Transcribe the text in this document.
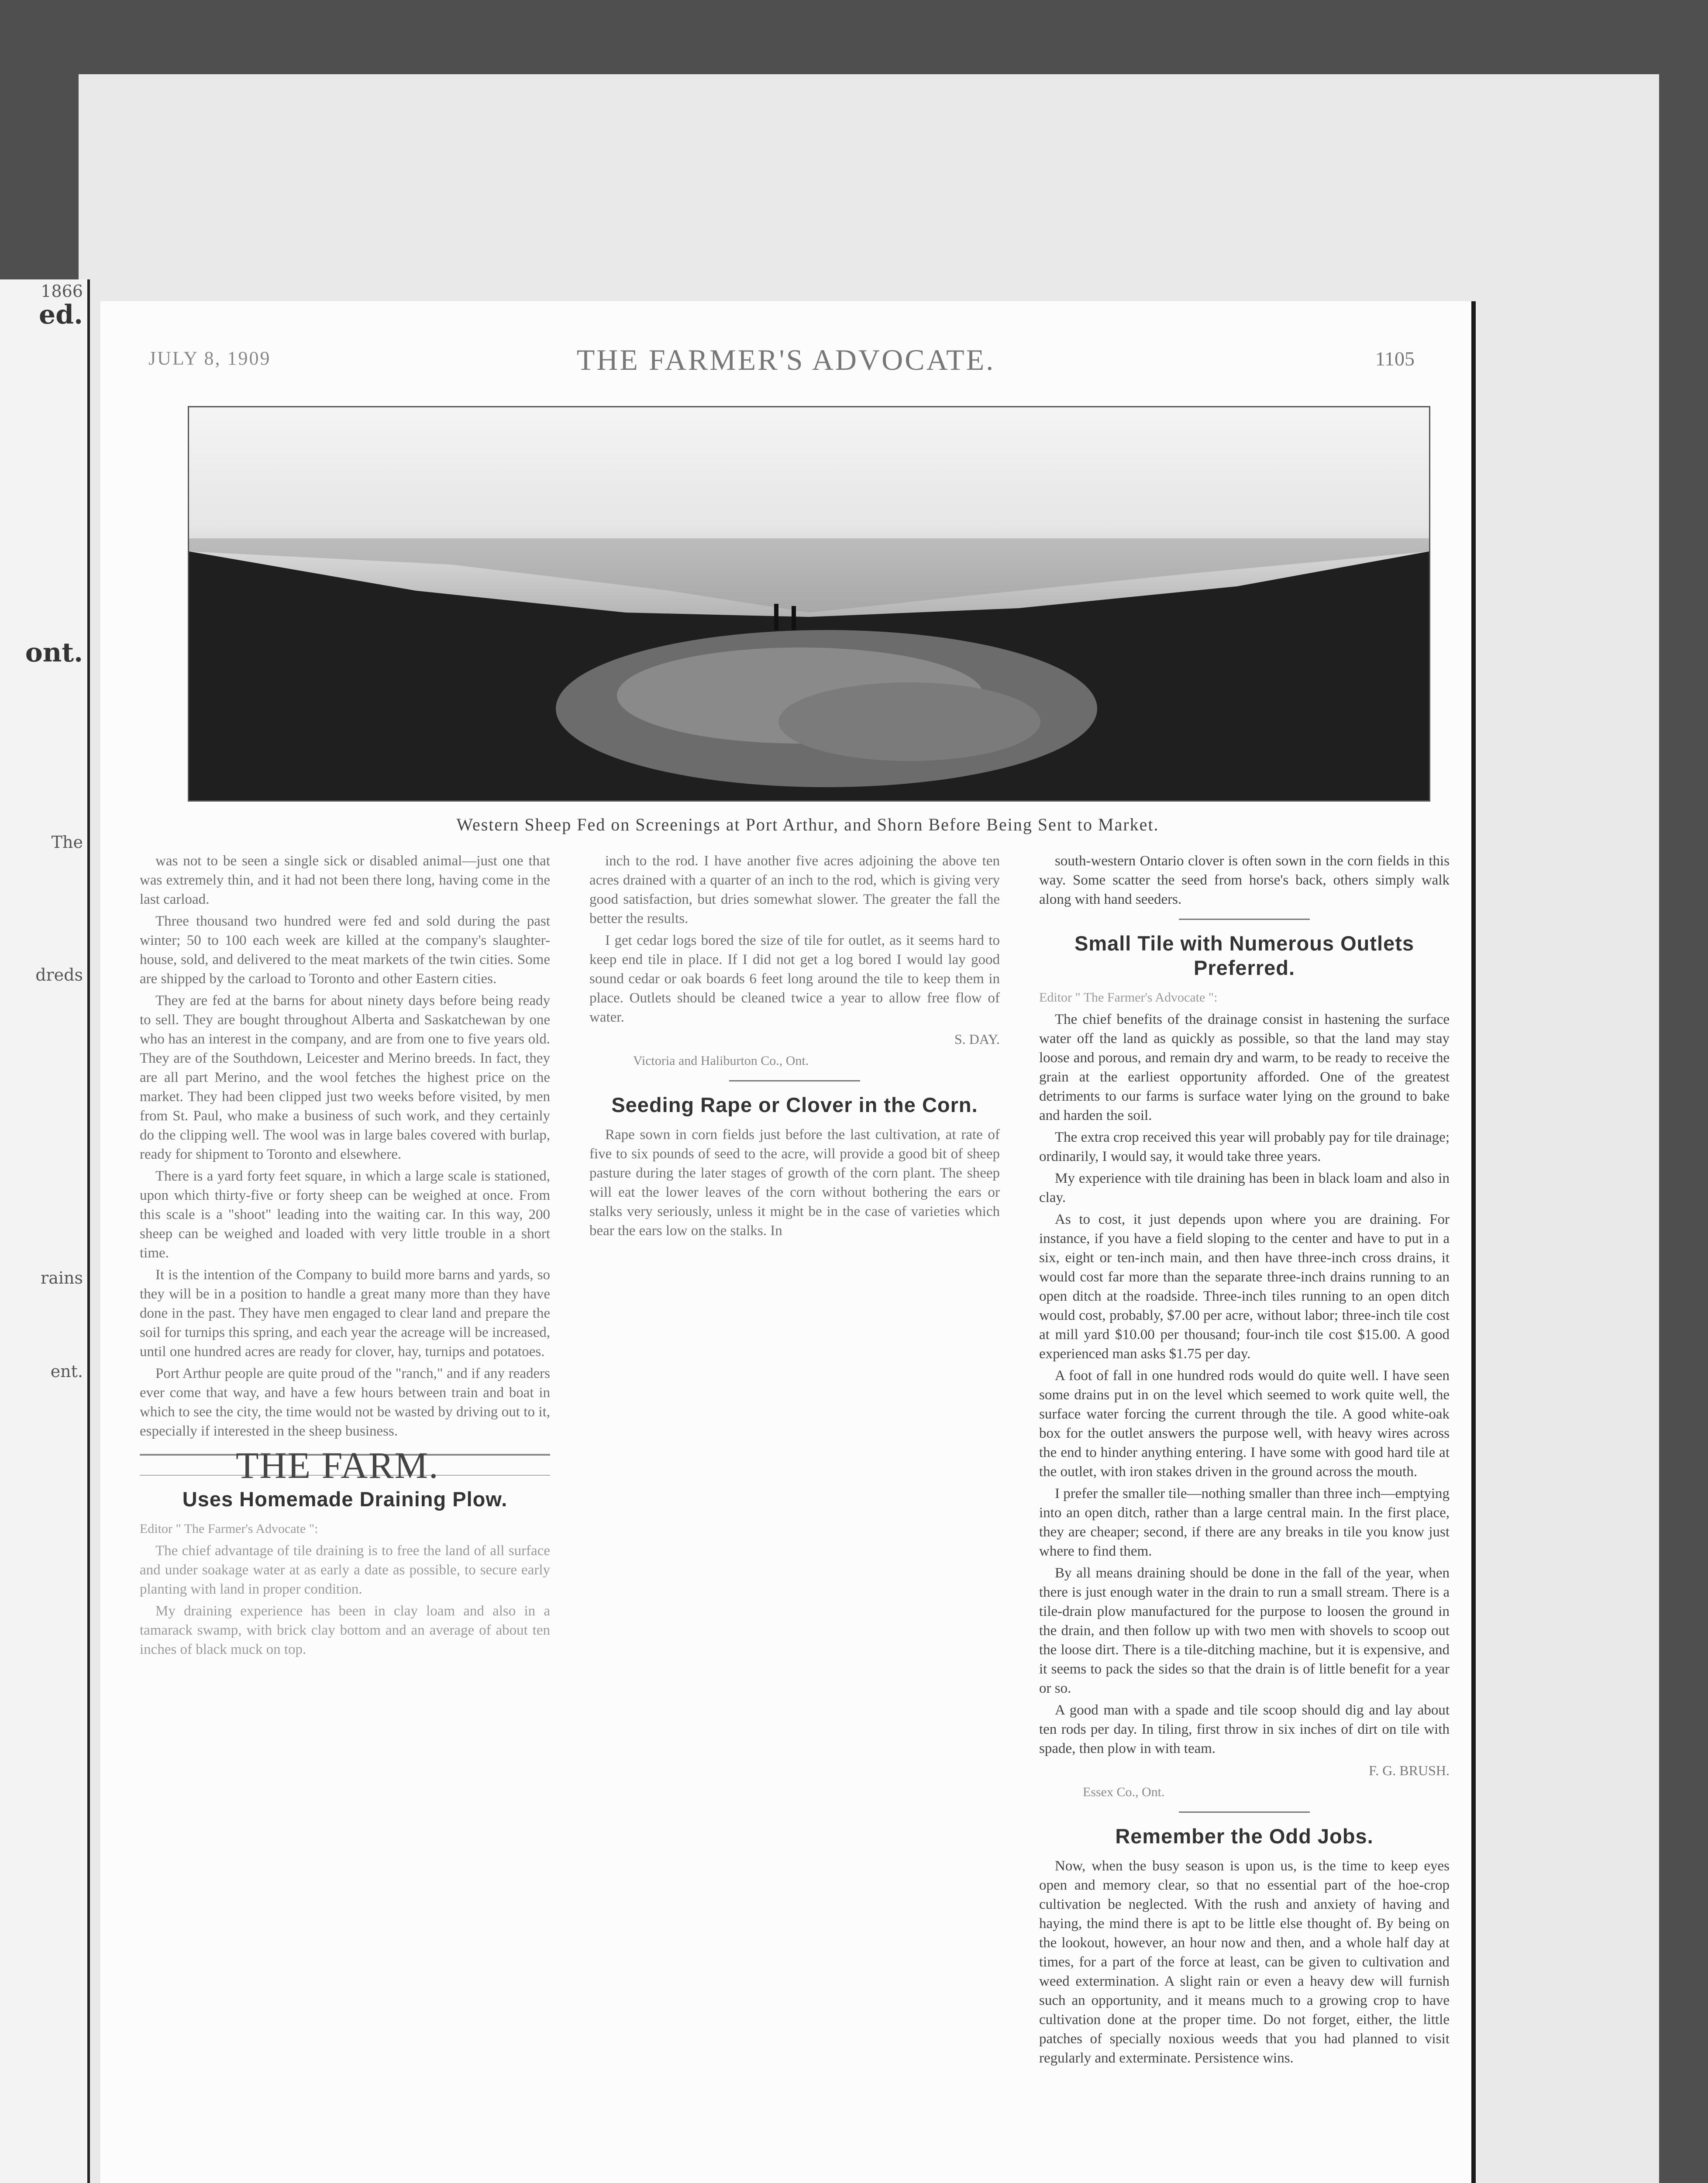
1866
ed.
ont.
The
dreds
rains
ent.
JULY 8, 1909	THE FARMER'S ADVOCATE.	1105
Western Sheep Fed on Screenings at Port Arthur, and Shorn Before Being Sent to Market.

was not to be seen a single sick or disabled animal—just one that was extremely thin, and it had not been there long, having come in the last carload.

Three thousand two hundred were fed and sold during the past winter; 50 to 100 each week are killed at the company's slaughter-house, sold, and delivered to the meat markets of the twin cities. Some are shipped by the carload to Toronto and other Eastern cities.

They are fed at the barns for about ninety days before being ready to sell. They are bought throughout Alberta and Saskatchewan by one who has an interest in the company, and are from one to five years old. They are of the Southdown, Leicester and Merino breeds. In fact, they are all part Merino, and the wool fetches the highest price on the market. They had been clipped just two weeks before visited, by men from St. Paul, who make a business of such work, and they certainly do the clipping well. The wool was in large bales covered with burlap, ready for shipment to Toronto and elsewhere.

There is a yard forty feet square, in which a large scale is stationed, upon which thirty-five or forty sheep can be weighed at once. From this scale is a "shoot" leading into the waiting car. In this way, 200 sheep can be weighed and loaded with very little trouble in a short time.

It is the intention of the Company to build more barns and yards, so they will be in a position to handle a great many more than they have done in the past. They have men engaged to clear land and prepare the soil for turnips this spring, and each year the acreage will be increased, until one hundred acres are ready for clover, hay, turnips and potatoes.

Port Arthur people are quite proud of the "ranch," and if any readers ever come that way, and have a few hours between train and boat in which to see the city, the time would not be wasted by driving out to it, especially if interested in the sheep business.

THE FARM.
Uses Homemade Draining Plow.

Editor " The Farmer's Advocate ":

The chief advantage of tile draining is to free the land of all surface and under soakage water at as early a date as possible, to secure early planting with land in proper condition.

My draining experience has been in clay loam and also in a tamarack swamp, with brick clay bottom and an average of about ten inches of black muck on top.

inch to the rod. I have another five acres adjoining the above ten acres drained with a quarter of an inch to the rod, which is giving very good satisfaction, but dries somewhat slower. The greater the fall the better the results.

I get cedar logs bored the size of tile for outlet, as it seems hard to keep end tile in place. If I did not get a log bored I would lay good sound cedar or oak boards 6 feet long around the tile to keep them in place. Outlets should be cleaned twice a year to allow free flow of water.

S. DAY.

Victoria and Haliburton Co., Ont.

Seeding Rape or Clover in the Corn.

Rape sown in corn fields just before the last cultivation, at rate of five to six pounds of seed to the acre, will provide a good bit of sheep pasture during the later stages of growth of the corn plant. The sheep will eat the lower leaves of the corn without bothering the ears or stalks very seriously, unless it might be in the case of varieties which bear the ears low on the stalks. In

south-western Ontario clover is often sown in the corn fields in this way. Some scatter the seed from horse's back, others simply walk along with hand seeders.

Small Tile with Numerous Outlets Preferred.

Editor " The Farmer's Advocate ":

The chief benefits of the drainage consist in hastening the surface water off the land as quickly as possible, so that the land may stay loose and porous, and remain dry and warm, to be ready to receive the grain at the earliest opportunity afforded. One of the greatest detriments to our farms is surface water lying on the ground to bake and harden the soil.

The extra crop received this year will probably pay for tile drainage; ordinarily, I would say, it would take three years.

My experience with tile draining has been in black loam and also in clay.

As to cost, it just depends upon where you are draining. For instance, if you have a field sloping to the center and have to put in a six, eight or ten-inch main, and then have three-inch cross drains, it would cost far more than the separate three-inch drains running to an open ditch at the roadside. Three-inch tiles running to an open ditch would cost, probably, $7.00 per acre, without labor; three-inch tile cost at mill yard $10.00 per thousand; four-inch tile cost $15.00. A good experienced man asks $1.75 per day.

A foot of fall in one hundred rods would do quite well. I have seen some drains put in on the level which seemed to work quite well, the surface water forcing the current through the tile. A good white-oak box for the outlet answers the purpose well, with heavy wires across the end to hinder anything entering. I have some with good hard tile at the outlet, with iron stakes driven in the ground across the mouth.

I prefer the smaller tile—nothing smaller than three inch—emptying into an open ditch, rather than a large central main. In the first place, they are cheaper; second, if there are any breaks in tile you know just where to find them.

By all means draining should be done in the fall of the year, when there is just enough water in the drain to run a small stream. There is a tile-drain plow manufactured for the purpose to loosen the ground in the drain, and then follow up with two men with shovels to scoop out the loose dirt. There is a tile-ditching machine, but it is expensive, and it seems to pack the sides so that the drain is of little benefit for a year or so.

A good man with a spade and tile scoop should dig and lay about ten rods per day. In tiling, first throw in six inches of dirt on tile with spade, then plow in with team.

F. G. BRUSH.

Essex Co., Ont.

Remember the Odd Jobs.

Now, when the busy season is upon us, is the time to keep eyes open and memory clear, so that no essential part of the hoe-crop cultivation be neglected. With the rush and anxiety of having and haying, the mind there is apt to be little else thought of. By being on the lookout, however, an hour now and then, and a whole half day at times, for a part of the force at least, can be given to cultivation and weed extermination. A slight rain or even a heavy dew will furnish such an opportunity, and it means much to a growing crop to have cultivation done at the proper time. Do not forget, either, the little patches of specially noxious weeds that you had planned to visit regularly and exterminate. Persistence wins.
